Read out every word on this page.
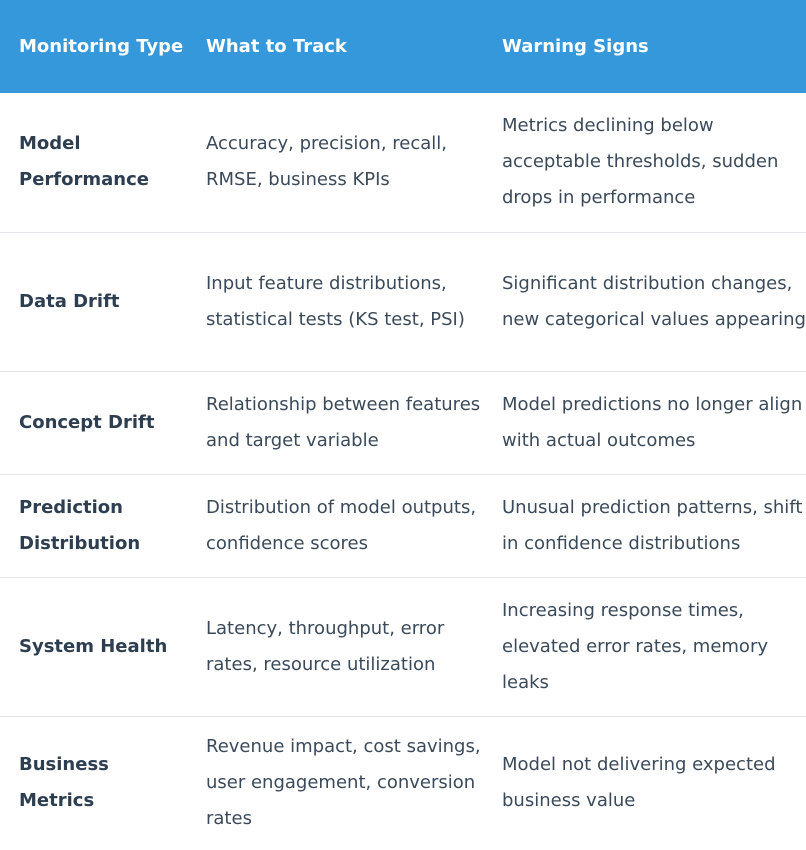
Monitoring Type	What to Track	Warning Signs
Model Performance	Accuracy, precision, recall, RMSE, business KPIs	Metrics declining below acceptable thresholds, sudden drops in performance
Data Drift	Input feature distributions, statistical tests (KS test, PSI)	Significant distribution changes, new categorical values appearing
Concept Drift	Relationship between features and target variable	Model predictions no longer align with actual outcomes
Prediction Distribution	Distribution of model outputs, confidence scores	Unusual prediction patterns, shift in confidence distributions
System Health	Latency, throughput, error rates, resource utilization	Increasing response times, elevated error rates, memory leaks
Business Metrics	Revenue impact, cost savings, user engagement, conversion rates	Model not delivering expected business value
